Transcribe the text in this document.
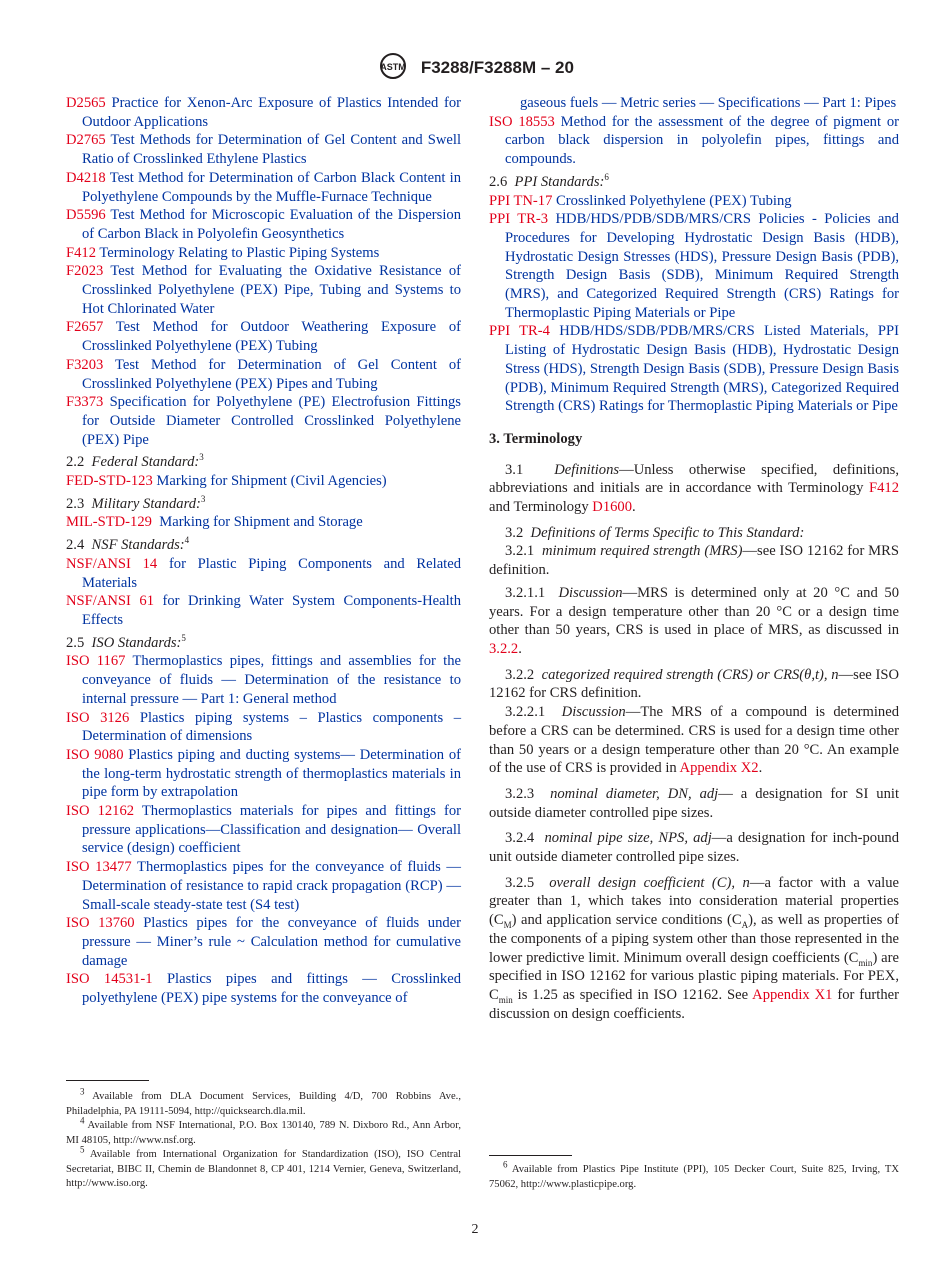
ASTM F3288/F3288M – 20
D2565 Practice for Xenon-Arc Exposure of Plastics Intended for Outdoor Applications
D2765 Test Methods for Determination of Gel Content and Swell Ratio of Crosslinked Ethylene Plastics
D4218 Test Method for Determination of Carbon Black Content in Polyethylene Compounds by the Muffle-Furnace Technique
D5596 Test Method for Microscopic Evaluation of the Dispersion of Carbon Black in Polyolefin Geosynthetics
F412 Terminology Relating to Plastic Piping Systems
F2023 Test Method for Evaluating the Oxidative Resistance of Crosslinked Polyethylene (PEX) Pipe, Tubing and Systems to Hot Chlorinated Water
F2657 Test Method for Outdoor Weathering Exposure of Crosslinked Polyethylene (PEX) Tubing
F3203 Test Method for Determination of Gel Content of Crosslinked Polyethylene (PEX) Pipes and Tubing
F3373 Specification for Polyethylene (PE) Electrofusion Fittings for Outside Diameter Controlled Crosslinked Polyethylene (PEX) Pipe

2.2 Federal Standard:$^3$

FED-STD-123 Marking for Shipment (Civil Agencies)

2.3 Military Standard:$^3$

MIL-STD-129 Marking for Shipment and Storage

2.4 NSF Standards:$^4$

NSF/ANSI 14 for Plastic Piping Components and Related Materials
NSF/ANSI 61 for Drinking Water System Components-Health Effects

2.5 ISO Standards:$^5$

ISO 1167 Thermoplastics pipes, fittings and assemblies for the conveyance of fluids — Determination of the resistance to internal pressure — Part 1: General method
ISO 3126 Plastics piping systems – Plastics components – Determination of dimensions
ISO 9080 Plastics piping and ducting systems— Determination of the long-term hydrostatic strength of thermoplastics materials in pipe form by extrapolation
ISO 12162 Thermoplastics materials for pipes and fittings for pressure applications—Classification and designation— Overall service (design) coefficient
ISO 13477 Thermoplastics pipes for the conveyance of fluids — Determination of resistance to rapid crack propagation (RCP) — Small-scale steady-state test (S4 test)
ISO 13760 Plastics pipes for the conveyance of fluids under pressure — Miner’s rule ~ Calculation method for cumulative damage
ISO 14531-1 Plastics pipes and fittings — Crosslinked polyethylene (PEX) pipe systems for the conveyance of

$^3$ Available from DLA Document Services, Building 4/D, 700 Robbins Ave., Philadelphia, PA 19111-5094, http://quicksearch.dla.mil.

$^4$ Available from NSF International, P.O. Box 130140, 789 N. Dixboro Rd., Ann Arbor, MI 48105, http://www.nsf.org.

$^5$ Available from International Organization for Standardization (ISO), ISO Central Secretariat, BIBC II, Chemin de Blandonnet 8, CP 401, 1214 Vernier, Geneva, Switzerland, http://www.iso.org.

gaseous fuels — Metric series — Specifications — Part 1: Pipes
ISO 18553 Method for the assessment of the degree of pigment or carbon black dispersion in polyolefin pipes, fittings and compounds.

2.6 PPI Standards:$^6$

PPI TN-17 Crosslinked Polyethylene (PEX) Tubing
PPI TR-3 HDB/HDS/PDB/SDB/MRS/CRS Policies - Policies and Procedures for Developing Hydrostatic Design Basis (HDB), Hydrostatic Design Stresses (HDS), Pressure Design Basis (PDB), Strength Design Basis (SDB), Minimum Required Strength (MRS), and Categorized Required Strength (CRS) Ratings for Thermoplastic Piping Materials or Pipe
PPI TR-4 HDB/HDS/SDB/PDB/MRS/CRS Listed Materials, PPI Listing of Hydrostatic Design Basis (HDB), Hydrostatic Design Stress (HDS), Strength Design Basis (SDB), Pressure Design Basis (PDB), Minimum Required Strength (MRS), Categorized Required Strength (CRS) Ratings for Thermoplastic Piping Materials or Pipe
3. Terminology

3.1 Definitions—Unless otherwise specified, definitions, abbreviations and initials are in accordance with Terminology F412 and Terminology D1600.

3.2 Definitions of Terms Specific to This Standard:

3.2.1 minimum required strength (MRS)—see ISO 12162 for MRS definition.

3.2.1.1 Discussion—MRS is determined only at 20 °C and 50 years. For a design temperature other than 20 °C or a design time other than 50 years, CRS is used in place of MRS, as discussed in 3.2.2.

3.2.2 categorized required strength (CRS) or CRS(θ,t), n—see ISO 12162 for CRS definition.

3.2.2.1 Discussion—The MRS of a compound is determined before a CRS can be determined. CRS is used for a design time other than 50 years or a design temperature other than 20 °C. An example of the use of CRS is provided in Appendix X2.

3.2.3 nominal diameter, DN, adj— a designation for SI unit outside diameter controlled pipe sizes.

3.2.4 nominal pipe size, NPS, adj—a designation for inch-pound unit outside diameter controlled pipe sizes.

3.2.5 overall design coefficient (C), n—a factor with a value greater than 1, which takes into consideration material properties $(C_M)$ and application service conditions $(C_A)$, as well as properties of the components of a piping system other than those represented in the lower predictive limit. Minimum overall design coefficients $(C_{min})$ are specified in ISO 12162 for various plastic piping materials. For PEX, $C_{min}$ is 1.25 as specified in ISO 12162. See Appendix X1 for further discussion on design coefficients.

$^6$ Available from Plastics Pipe Institute (PPI), 105 Decker Court, Suite 825, Irving, TX 75062, http://www.plasticpipe.org.

2
